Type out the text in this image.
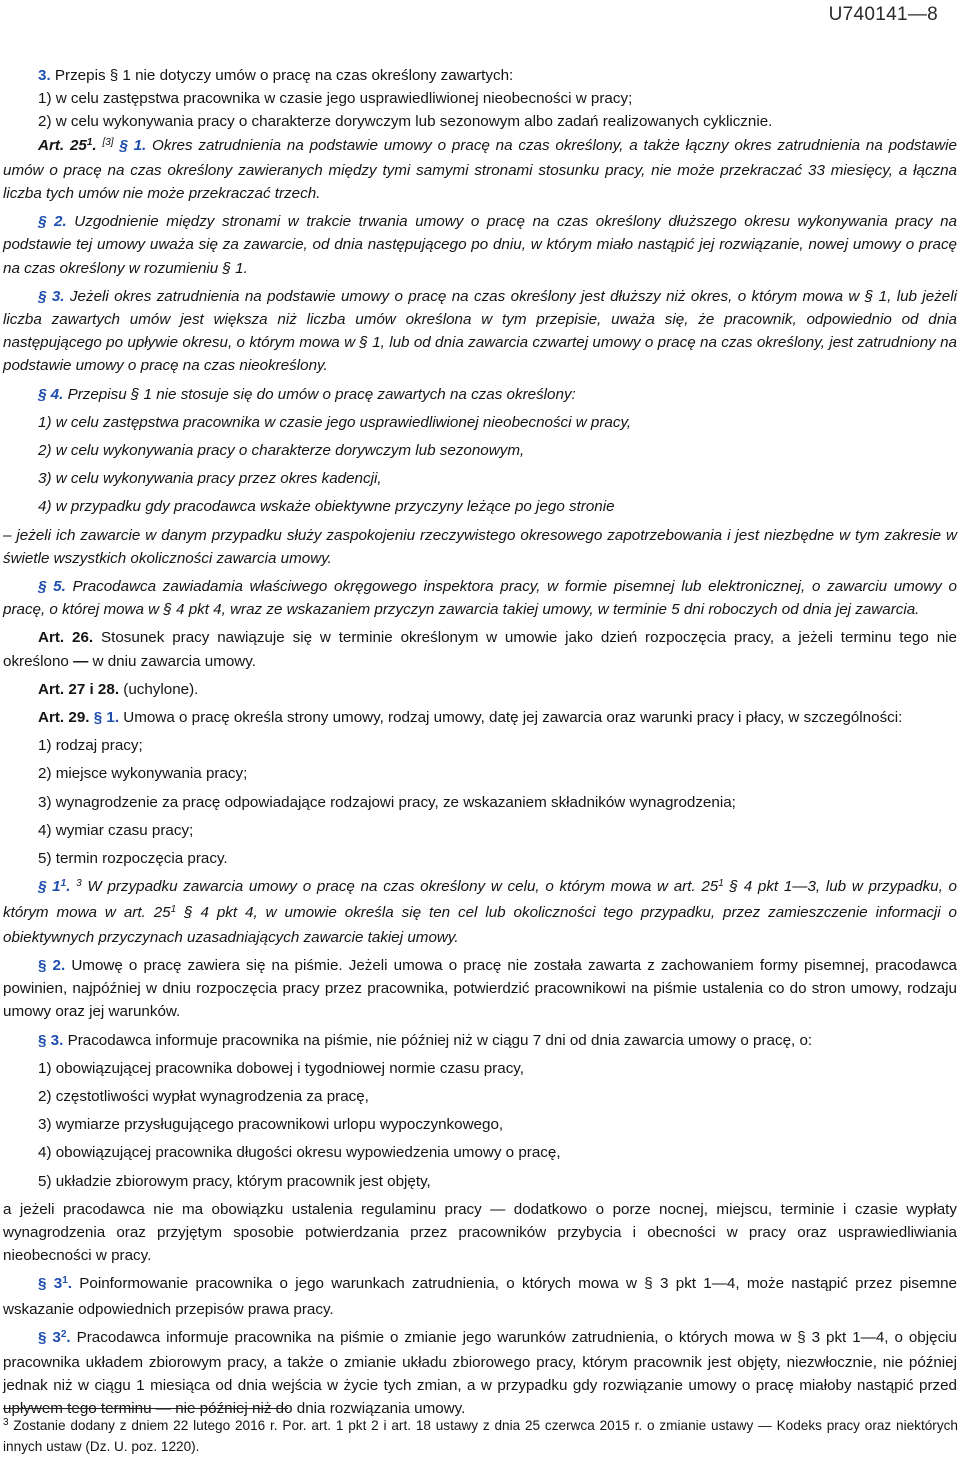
U740141—8

3. Przepis § 1 nie dotyczy umów o pracę na czas określony zawartych:

1) w celu zastępstwa pracownika w czasie jego usprawiedliwionej nieobecności w pracy;

2) w celu wykonywania pracy o charakterze dorywczym lub sezonowym albo zadań realizowanych cyklicznie.

Art. $25^1$. [3] § 1. Okres zatrudnienia na podstawie umowy o pracę na czas określony, a także łączny okres zatrudnienia na podstawie umów o pracę na czas określony zawieranych między tymi samymi stronami stosunku pracy, nie może przekraczać 33 miesięcy, a łączna liczba tych umów nie może przekraczać trzech.

§ 2. Uzgodnienie między stronami w trakcie trwania umowy o pracę na czas określony dłuższego okresu wykonywania pracy na podstawie tej umowy uważa się za zawarcie, od dnia następującego po dniu, w którym miało nastąpić jej rozwiązanie, nowej umowy o pracę na czas określony w rozumieniu § 1.

§ 3. Jeżeli okres zatrudnienia na podstawie umowy o pracę na czas określony jest dłuższy niż okres, o którym mowa w § 1, lub jeżeli liczba zawartych umów jest większa niż liczba umów określona w tym przepisie, uważa się, że pracownik, odpowiednio od dnia następującego po upływie okresu, o którym mowa w § 1, lub od dnia zawarcia czwartej umowy o pracę na czas określony, jest zatrudniony na podstawie umowy o pracę na czas nieokreślony.

§ 4. Przepisu § 1 nie stosuje się do umów o pracę zawartych na czas określony:

1) w celu zastępstwa pracownika w czasie jego usprawiedliwionej nieobecności w pracy,

2) w celu wykonywania pracy o charakterze dorywczym lub sezonowym,

3) w celu wykonywania pracy przez okres kadencji,

4) w przypadku gdy pracodawca wskaże obiektywne przyczyny leżące po jego stronie

– jeżeli ich zawarcie w danym przypadku służy zaspokojeniu rzeczywistego okresowego zapotrzebowania i jest niezbędne w tym zakresie w świetle wszystkich okoliczności zawarcia umowy.

§ 5. Pracodawca zawiadamia właściwego okręgowego inspektora pracy, w formie pisemnej lub elektronicznej, o zawarciu umowy o pracę, o której mowa w § 4 pkt 4, wraz ze wskazaniem przyczyn zawarcia takiej umowy, w terminie 5 dni roboczych od dnia jej zawarcia.

Art. 26. Stosunek pracy nawiązuje się w terminie określonym w umowie jako dzień rozpoczęcia pracy, a jeżeli terminu tego nie określono — w dniu zawarcia umowy.

Art. 27 i 28. (uchylone).

Art. 29. § 1. Umowa o pracę określa strony umowy, rodzaj umowy, datę jej zawarcia oraz warunki pracy i płacy, w szczególności:

1) rodzaj pracy;

2) miejsce wykonywania pracy;

3) wynagrodzenie za pracę odpowiadające rodzajowi pracy, ze wskazaniem składników wynagrodzenia;

4) wymiar czasu pracy;

5) termin rozpoczęcia pracy.

§ $1^1$. $^3$ W przypadku zawarcia umowy o pracę na czas określony w celu, o którym mowa w art. $25^1$ § 4 pkt 1—3, lub w przypadku, o którym mowa w art. $25^1$ § 4 pkt 4, w umowie określa się ten cel lub okoliczności tego przypadku, przez zamieszczenie informacji o obiektywnych przyczynach uzasadniających zawarcie takiej umowy.

§ 2. Umowę o pracę zawiera się na piśmie. Jeżeli umowa o pracę nie została zawarta z zachowaniem formy pisemnej, pracodawca powinien, najpóźniej w dniu rozpoczęcia pracy przez pracownika, potwierdzić pracownikowi na piśmie ustalenia co do stron umowy, rodzaju umowy oraz jej warunków.

§ 3. Pracodawca informuje pracownika na piśmie, nie później niż w ciągu 7 dni od dnia zawarcia umowy o pracę, o:

1) obowiązującej pracownika dobowej i tygodniowej normie czasu pracy,

2) częstotliwości wypłat wynagrodzenia za pracę,

3) wymiarze przysługującego pracownikowi urlopu wypoczynkowego,

4) obowiązującej pracownika długości okresu wypowiedzenia umowy o pracę,

5) układzie zbiorowym pracy, którym pracownik jest objęty,

a jeżeli pracodawca nie ma obowiązku ustalenia regulaminu pracy — dodatkowo o porze nocnej, miejscu, terminie i czasie wypłaty wynagrodzenia oraz przyjętym sposobie potwierdzania przez pracowników przybycia i obecności w pracy oraz usprawiedliwiania nieobecności w pracy.

§ $3^1$. Poinformowanie pracownika o jego warunkach zatrudnienia, o których mowa w § 3 pkt 1—4, może nastąpić przez pisemne wskazanie odpowiednich przepisów prawa pracy.

§ $3^2$. Pracodawca informuje pracownika na piśmie o zmianie jego warunków zatrudnienia, o których mowa w § 3 pkt 1—4, o objęciu pracownika układem zbiorowym pracy, a także o zmianie układu zbiorowego pracy, którym pracownik jest objęty, niezwłocznie, nie później jednak niż w ciągu 1 miesiąca od dnia wejścia w życie tych zmian, a w przypadku gdy rozwiązanie umowy o pracę miałoby nastąpić przed upływem tego terminu — nie później niż do dnia rozwiązania umowy.

$^3$ Zostanie dodany z dniem 22 lutego 2016 r. Por. art. 1 pkt 2 i art. 18 ustawy z dnia 25 czerwca 2015 r. o zmianie ustawy — Kodeks pracy oraz niektórych innych ustaw (Dz. U. poz. 1220).
